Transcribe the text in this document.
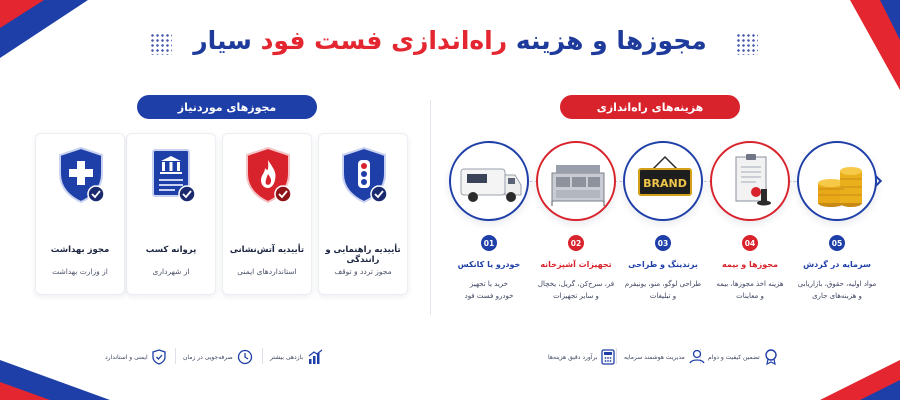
مجوزها و هزینه راه‌اندازی فست فود سیار
مجوزهای موردنیاز	هزینه‌های راه‌اندازی
تأییدیه راهنمایی و رانندگی
مجوز تردد و توقف
تأییدیه آتش‌نشانی
استانداردهای ایمنی
پروانه کسب
از شهرداری
مجوز بهداشت
از وزارت بهداشت
05
سرمایه در گردش
مواد اولیه، حقوق، بازاریابی
و هزینه‌های جاری
04
مجوزها و بیمه
هزینه اخذ مجوزها، بیمه
و معاینات
BRAND
03
برندینگ و طراحی
طراحی لوگو، منو، یونیفرم
و تبلیغات
02
تجهیزات آشپزخانه
فر، سرخ‌کن، گریل، یخچال
و سایر تجهیزات
01
خودرو یا کانکس
خرید یا تجهیز
خودرو فست فود
تضمین کیفیت و دوام
مدیریت هوشمند سرمایه
برآورد دقیق هزینه‌ها
بازدهی بیشتر
صرفه‌جویی در زمان
ایمنی و استاندارد
